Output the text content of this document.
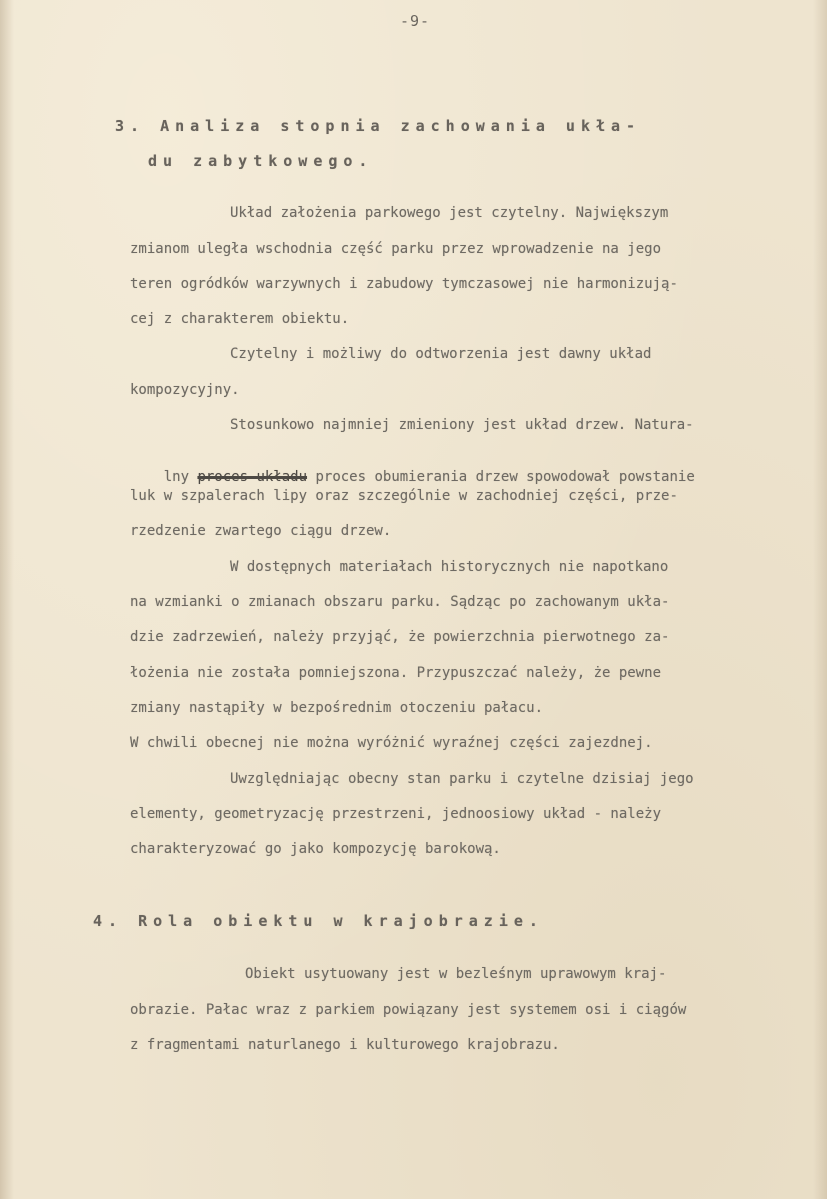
-9-
3. Analiza stopnia zachowania ukła-
du zabytkowego.
Układ założenia parkowego jest czytelny. Największym
zmianom uległa wschodnia część parku przez wprowadzenie na jego
teren ogródków warzywnych i zabudowy tymczasowej nie harmonizują-
cej z charakterem obiektu.
Czytelny i możliwy do odtworzenia jest dawny układ
kompozycyjny.
Stosunkowo najmniej zmieniony jest układ drzew. Natura-

lny proces układu proces obumierania drzew spowodował powstanie

luk w szpalerach lipy oraz szczególnie w zachodniej części, prze-
rzedzenie zwartego ciągu drzew.
W dostępnych materiałach historycznych nie napotkano
na wzmianki o zmianach obszaru parku. Sądząc po zachowanym ukła-
dzie zadrzewień, należy przyjąć, że powierzchnia pierwotnego za-
łożenia nie została pomniejszona. Przypuszczać należy, że pewne
zmiany nastąpiły w bezpośrednim otoczeniu pałacu.
W chwili obecnej nie można wyróżnić wyraźnej części zajezdnej.
Uwzględniając obecny stan parku i czytelne dzisiaj jego
elementy, geometryzację przestrzeni, jednoosiowy układ - należy
charakteryzować go jako kompozycję barokową.
4. Rola obiektu w krajobrazie.
Obiekt usytuowany jest w bezleśnym uprawowym kraj-
obrazie. Pałac wraz z parkiem powiązany jest systemem osi i ciągów
z fragmentami naturlanego i kulturowego krajobrazu.
